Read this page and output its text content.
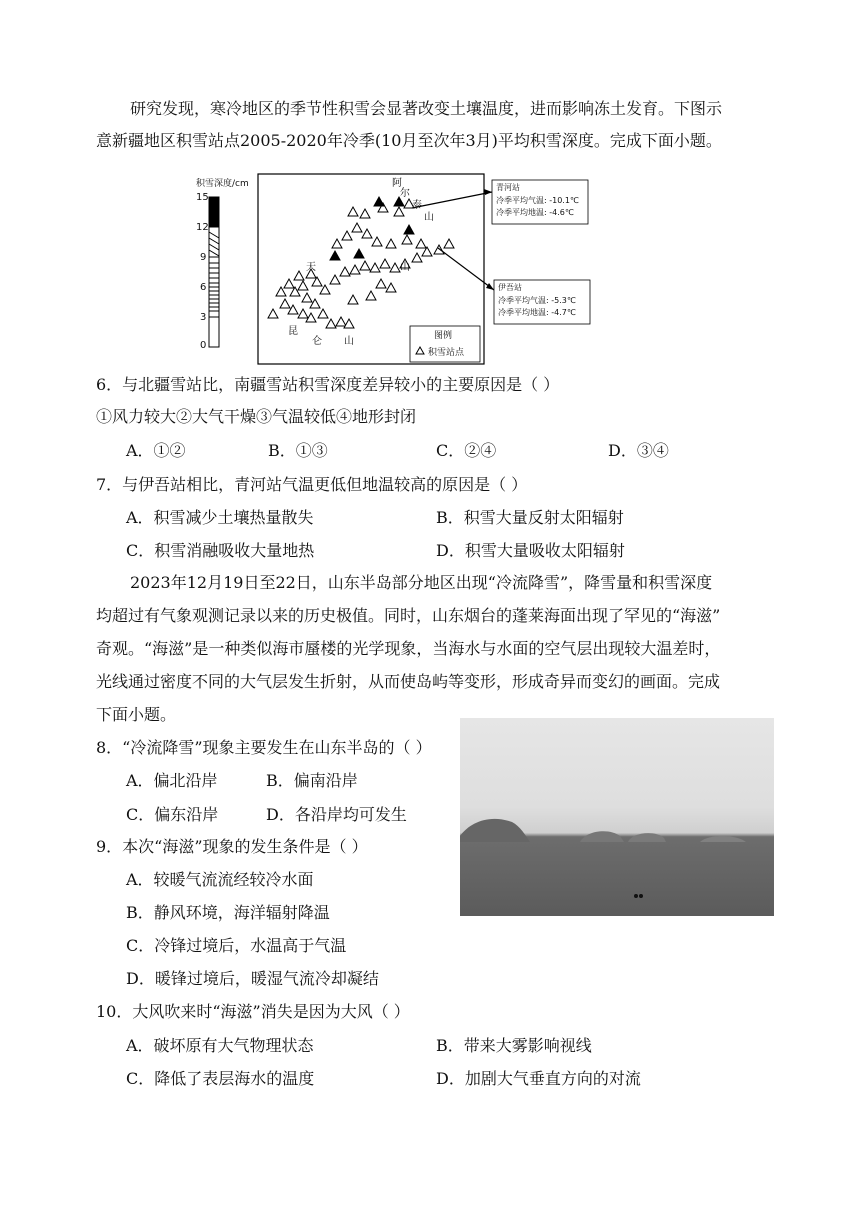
研究发现，寒冷地区的季节性积雪会显著改变土壤温度，进而影响冻土发育。下图示
意新疆地区积雪站点2005-2020年冷季(10月至次年3月)平均积雪深度。完成下面小题。
积雪深度/cm
15
12
9
6
3
0
阿
尔
泰
山
天	山
昆
仑 山
青河站
冷季平均气温: -10.1℃
冷季平均地温: -4.6℃
伊吾站
冷季平均气温: -5.3℃
冷季平均地温: -4.7℃
图例
积雪站点
6．与北疆雪站比，南疆雪站积雪深度差异较小的主要原因是（ ）
①风力较大②大气干燥③气温较低④地形封闭
A．①②	B．①③	C．②④	D．③④
7．与伊吾站相比，青河站气温更低但地温较高的原因是（ ）
A．积雪减少土壤热量散失	B．积雪大量反射太阳辐射
C．积雪消融吸收大量地热	D．积雪大量吸收太阳辐射
2023年12月19日至22日，山东半岛部分地区出现“冷流降雪”，降雪量和积雪深度
均超过有气象观测记录以来的历史极值。同时，山东烟台的蓬莱海面出现了罕见的“海滋”
奇观。“海滋”是一种类似海市蜃楼的光学现象，当海水与水面的空气层出现较大温差时，
光线通过密度不同的大气层发生折射，从而使岛屿等变形，形成奇异而变幻的画面。完成
下面小题。
8．“冷流降雪”现象主要发生在山东半岛的（ ）
A．偏北沿岸	B．偏南沿岸
C．偏东沿岸	D．各沿岸均可发生
9．本次“海滋”现象的发生条件是（ ）
A．较暖气流流经较冷水面
B．静风环境，海洋辐射降温
C．冷锋过境后，水温高于气温
D．暖锋过境后，暖湿气流冷却凝结
10．大风吹来时“海滋”消失是因为大风（ ）
A．破坏原有大气物理状态	B．带来大雾影响视线
C．降低了表层海水的温度	D．加剧大气垂直方向的对流
